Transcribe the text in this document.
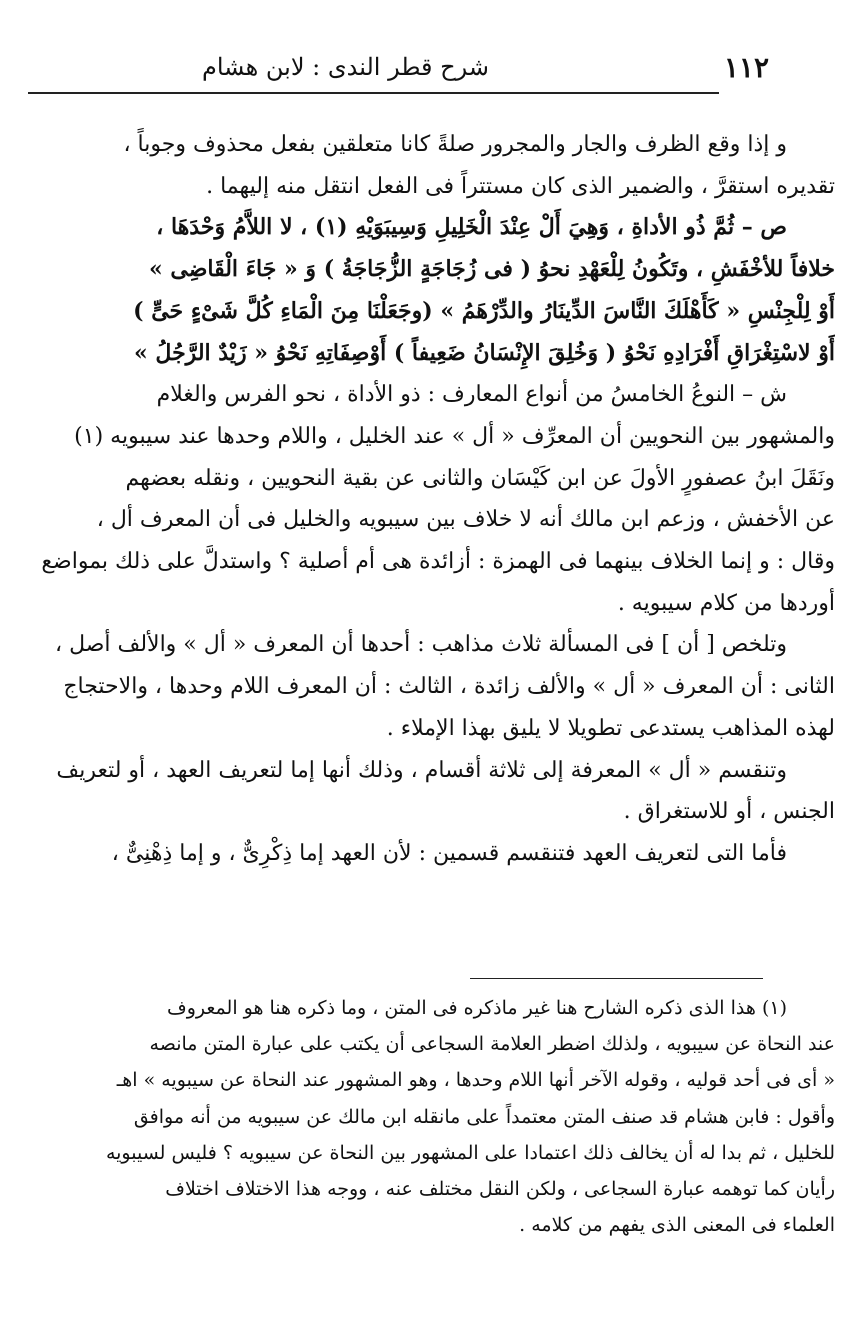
١١٢
شرح قطر الندى : لابن هشام

و إذا وقع الظرف والجار والمجرور صلةً كانا متعلقين بفعل محذوف وجوباً ،
تقديره استقرَّ ، والضمير الذى كان مستتراً فى الفعل انتقل منه إليهما .

ص – ثُمَّ ذُو الأداةِ ، وَهِيَ أَلْ عِنْدَ الْخَلِيلِ وَسِيبَوَيْهِ (١) ، لا اللاَّمُ وَحْدَهَا ،
خلافاً للأخْفَشِ ، وتَكُونُ لِلْعَهْدِ نحوُ ( فى زُجَاجَةٍ الزُّجَاجَةُ ) وَ « جَاءَ الْقَاضِى »
أَوْ لِلْجِنْسِ « كَأَهْلَكَ النَّاسَ الدِّينَارُ والدِّرْهَمُ » (وجَعَلْنَا مِنَ الْمَاءِ كُلَّ شَىْءٍ حَىٍّ )
أَوْ لاسْتِغْرَاقِ أَفْرَادِهِ نَحْوُ ( وَخُلِقَ الإِنْسَانُ ضَعِيفاً ) أَوْصِفَاتِهِ نَحْوُ « زَيْدٌ الرَّجُلُ »

ش – النوعُ الخامسُ من أنواع المعارف : ذو الأداة ، نحو الفرس والغلام
والمشهور بين النحويين أن المعرِّف « أل » عند الخليل ، واللام وحدها عند سيبويه (١)
ونَقَلَ ابنُ عصفورٍ الأولَ عن ابن كَيْسَان والثانى عن بقية النحويين ، ونقله بعضهم
عن الأخفش ، وزعم ابن مالك أنه لا خلاف بين سيبويه والخليل فى أن المعرف أل ،
وقال : و إنما الخلاف بينهما فى الهمزة : أزائدة هى أم أصلية ؟ واستدلَّ على ذلك بمواضع
أوردها من كلام سيبويه .

وتلخص [ أن ] فى المسألة ثلاث مذاهب : أحدها أن المعرف « أل » والألف أصل ،
الثانى : أن المعرف « أل » والألف زائدة ، الثالث : أن المعرف اللام وحدها ، والاحتجاج
لهذه المذاهب يستدعى تطويلا لا يليق بهذا الإملاء .

وتنقسم « أل » المعرفة إلى ثلاثة أقسام ، وذلك أنها إما لتعريف العهد ، أو لتعريف
الجنس ، أو للاستغراق .

فأما التى لتعريف العهد فتنقسم قسمين : لأن العهد إما ذِكْرِىٌّ ، و إما ذِهْنِىٌّ ،

(١) هذا الذى ذكره الشارح هنا غير ماذكره فى المتن ، وما ذكره هنا هو المعروف
عند النحاة عن سيبويه ، ولذلك اضطر العلامة السجاعى أن يكتب على عبارة المتن مانصه
« أى فى أحد قوليه ، وقوله الآخر أنها اللام وحدها ، وهو المشهور عند النحاة عن سيبويه » اهـ
وأقول : فابن هشام قد صنف المتن معتمداً على مانقله ابن مالك عن سيبويه من أنه موافق
للخليل ، ثم بدا له أن يخالف ذلك اعتمادا على المشهور بين النحاة عن سيبويه ؟ فليس لسيبويه
رأيان كما توهمه عبارة السجاعى ، ولكن النقل مختلف عنه ، ووجه هذا الاختلاف اختلاف
العلماء فى المعنى الذى يفهم من كلامه .
